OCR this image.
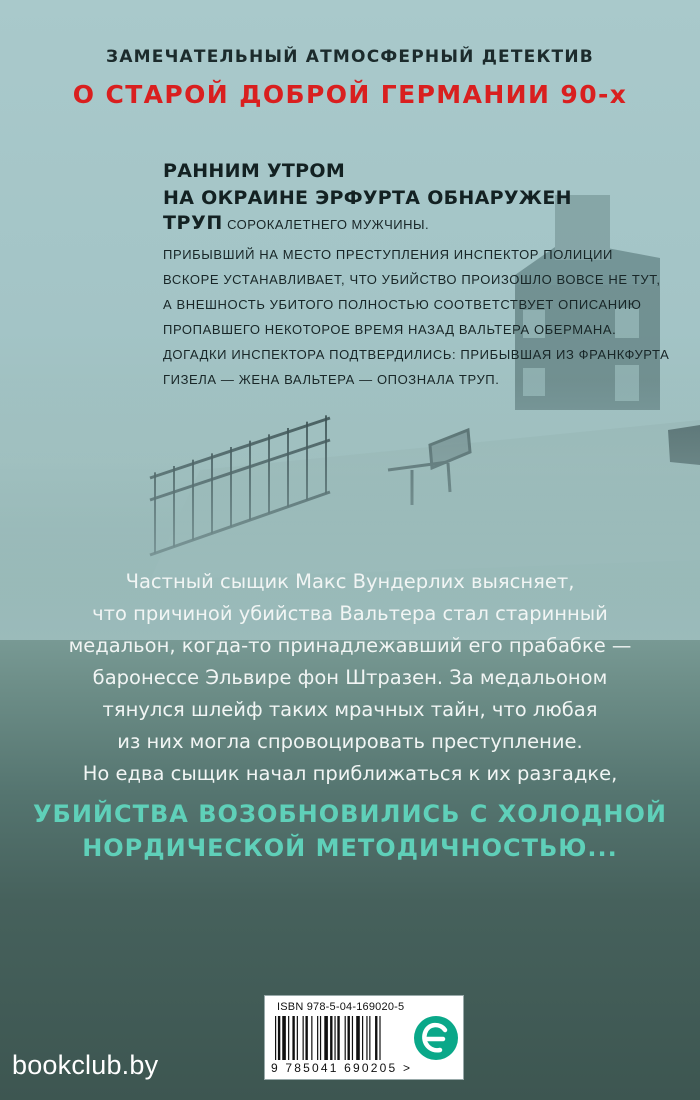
ЗАМЕЧАТЕЛЬНЫЙ АТМОСФЕРНЫЙ ДЕТЕКТИВ
О СТАРОЙ ДОБРОЙ ГЕРМАНИИ 90-х
РАННИМ УТРОМ
НА ОКРАИНЕ ЭРФУРТА ОБНАРУЖЕН
ТРУП СОРОКАЛЕТНЕГО МУЖЧИНЫ.
ПРИБЫВШИЙ НА МЕСТО ПРЕСТУПЛЕНИЯ ИНСПЕКТОР ПОЛИЦИИ
ВСКОРЕ УСТАНАВЛИВАЕТ, ЧТО УБИЙСТВО ПРОИЗОШЛО ВОВСЕ НЕ ТУТ,
А ВНЕШНОСТЬ УБИТОГО ПОЛНОСТЬЮ СООТВЕТСТВУЕТ ОПИСАНИЮ
ПРОПАВШЕГО НЕКОТОРОЕ ВРЕМЯ НАЗАД ВАЛЬТЕРА ОБЕРМАНА.
ДОГАДКИ ИНСПЕКТОРА ПОДТВЕРДИЛИСЬ: ПРИБЫВШАЯ ИЗ ФРАНКФУРТА
ГИЗЕЛА — ЖЕНА ВАЛЬТЕРА — ОПОЗНАЛА ТРУП.
Частный сыщик Макс Вундерлих выясняет,
что причиной убийства Вальтера стал старинный
медальон, когда-то принадлежавший его прабабке —
баронессе Эльвире фон Штразен. За медальоном
тянулся шлейф таких мрачных тайн, что любая
из них могла спровоцировать преступление.
Но едва сыщик начал приближаться к их разгадке,
УБИЙСТВА ВОЗОБНОВИЛИСЬ С ХОЛОДНОЙ
НОРДИЧЕСКОЙ МЕТОДИЧНОСТЬЮ...
ISBN 978-5-04-169020-5
9 785041 690205 >
bookclub.by
